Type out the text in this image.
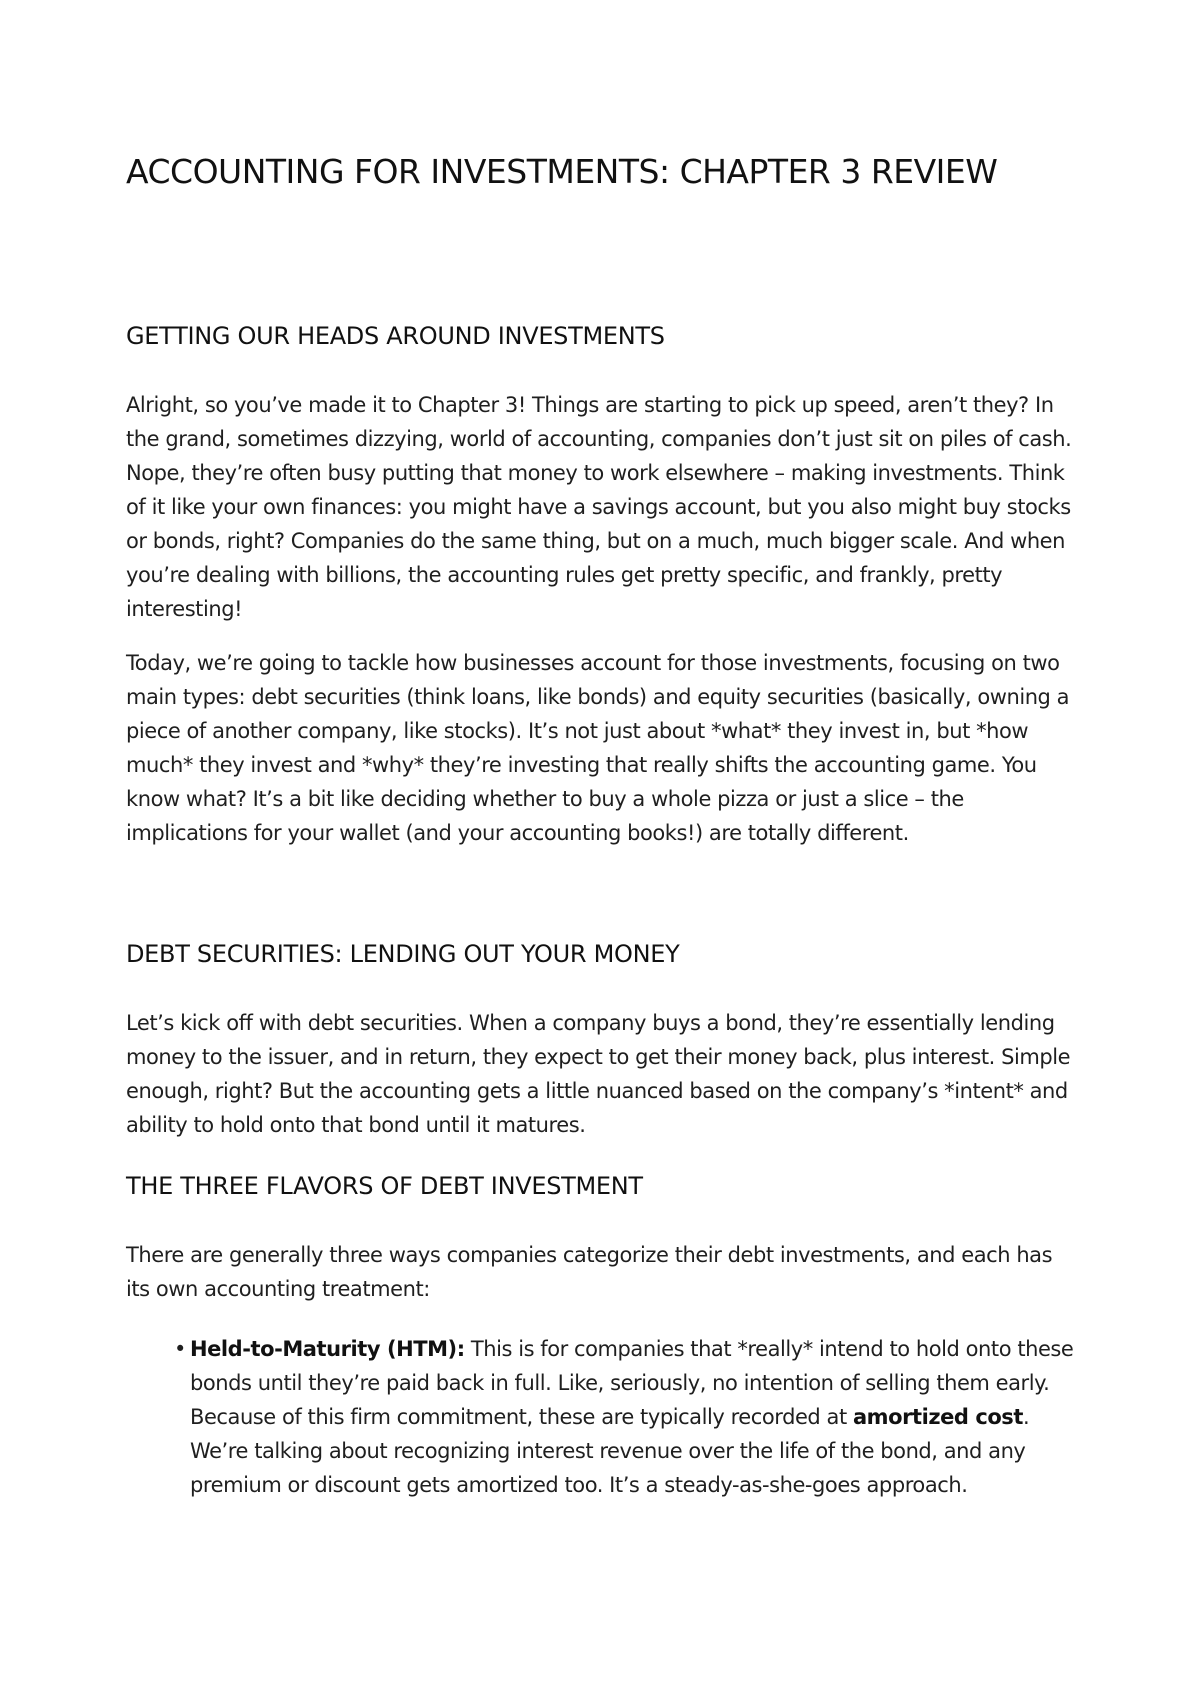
ACCOUNTING FOR INVESTMENTS: CHAPTER 3 REVIEW
GETTING OUR HEADS AROUND INVESTMENTS

Alright, so you’ve made it to Chapter 3! Things are starting to pick up speed, aren’t they? In the grand, sometimes dizzying, world of accounting, companies don’t just sit on piles of cash. Nope, they’re often busy putting that money to work elsewhere – making investments. Think of it like your own finances: you might have a savings account, but you also might buy stocks or bonds, right? Companies do the same thing, but on a much, much bigger scale. And when you’re dealing with billions, the accounting rules get pretty specific, and frankly, pretty interesting!

Today, we’re going to tackle how businesses account for those investments, focusing on two main types: debt securities (think loans, like bonds) and equity securities (basically, owning a piece of another company, like stocks). It’s not just about *what* they invest in, but *how much* they invest and *why* they’re investing that really shifts the accounting game. You know what? It’s a bit like deciding whether to buy a whole pizza or just a slice – the implications for your wallet (and your accounting books!) are totally different.

DEBT SECURITIES: LENDING OUT YOUR MONEY

Let’s kick off with debt securities. When a company buys a bond, they’re essentially lending money to the issuer, and in return, they expect to get their money back, plus interest. Simple enough, right? But the accounting gets a little nuanced based on the company’s *intent* and ability to hold onto that bond until it matures.

THE THREE FLAVORS OF DEBT INVESTMENT

There are generally three ways companies categorize their debt investments, and each has its own accounting treatment:

• Held-to-Maturity (HTM): This is for companies that *really* intend to hold onto these bonds until they’re paid back in full. Like, seriously, no intention of selling them early. Because of this firm commitment, these are typically recorded at amortized cost. We’re talking about recognizing interest revenue over the life of the bond, and any premium or discount gets amortized too. It’s a steady-as-she-goes approach.
